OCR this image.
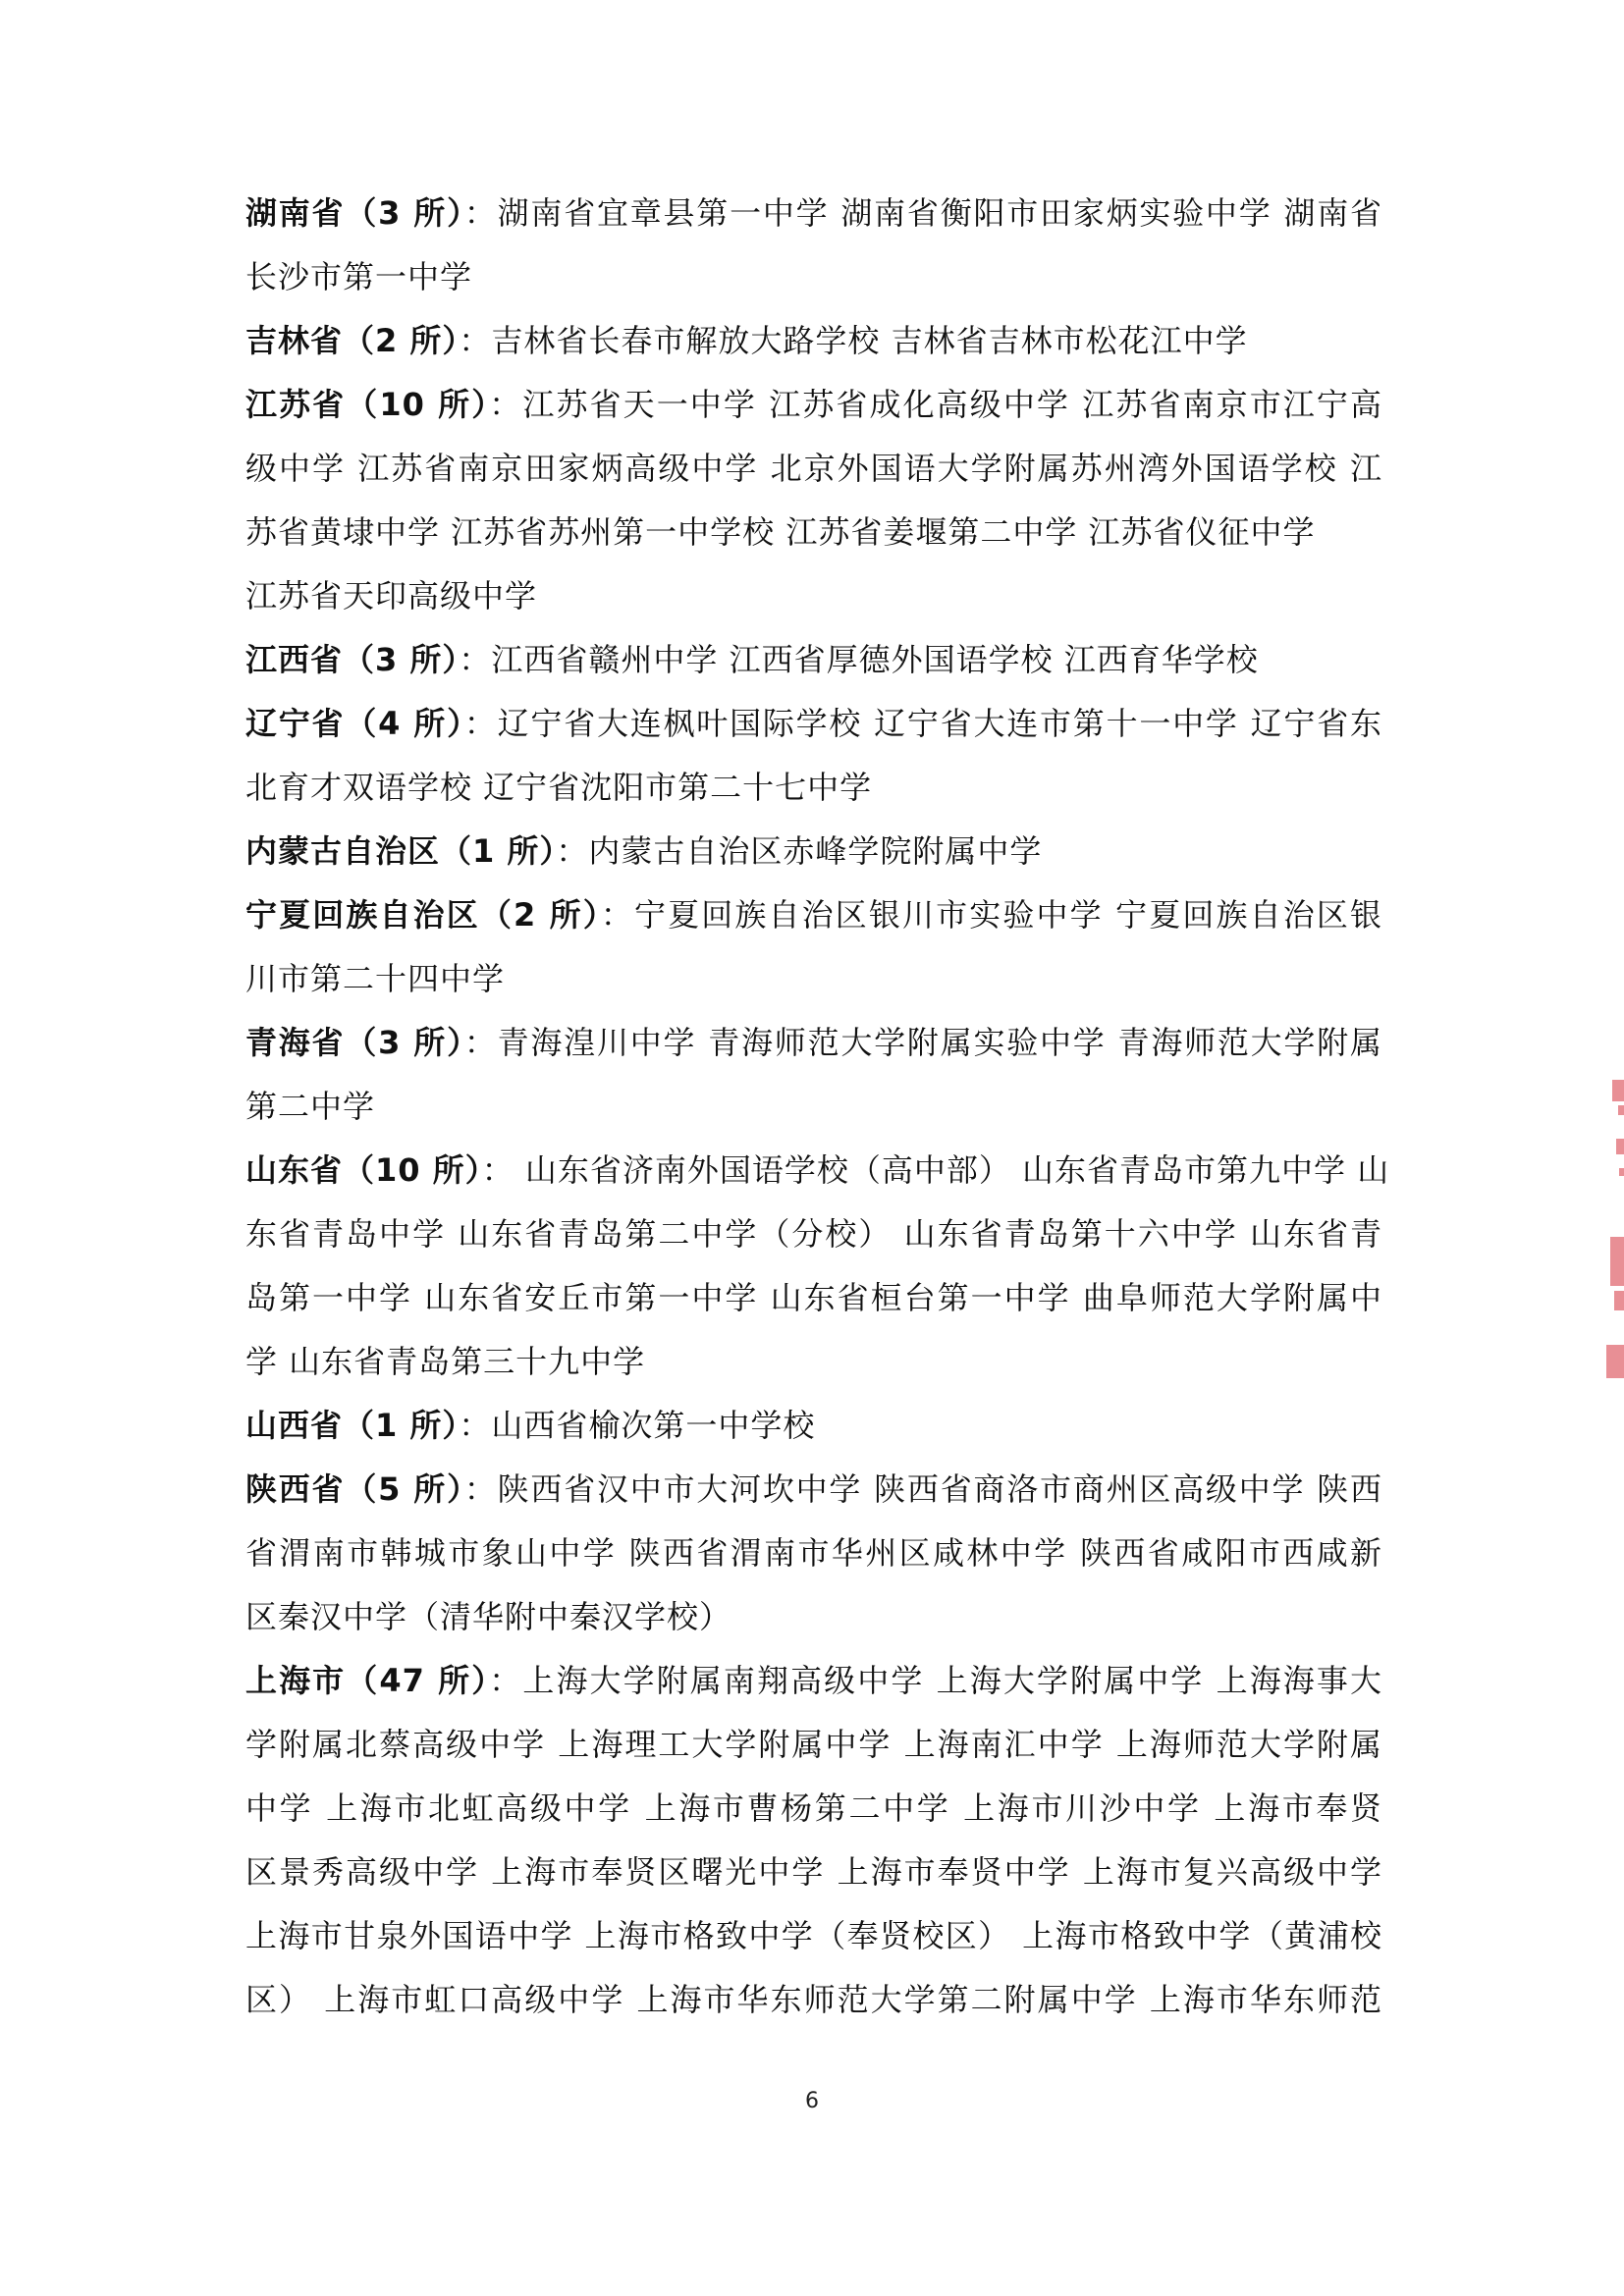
湖南省（3 所）：湖南省宜章县第一中学 湖南省衡阳市田家炳实验中学 湖南省
长沙市第一中学
吉林省（2 所）：吉林省长春市解放大路学校 吉林省吉林市松花江中学
江苏省（10 所）：江苏省天一中学 江苏省成化高级中学 江苏省南京市江宁高
级中学 江苏省南京田家炳高级中学 北京外国语大学附属苏州湾外国语学校 江
苏省黄埭中学 江苏省苏州第一中学校 江苏省姜堰第二中学 江苏省仪征中学
江苏省天印高级中学
江西省（3 所）：江西省赣州中学 江西省厚德外国语学校 江西育华学校
辽宁省（4 所）：辽宁省大连枫叶国际学校 辽宁省大连市第十一中学 辽宁省东
北育才双语学校 辽宁省沈阳市第二十七中学
内蒙古自治区（1 所）：内蒙古自治区赤峰学院附属中学
宁夏回族自治区（2 所）：宁夏回族自治区银川市实验中学 宁夏回族自治区银
川市第二十四中学
青海省（3 所）：青海湟川中学 青海师范大学附属实验中学 青海师范大学附属
第二中学
山东省（10 所）： 山东省济南外国语学校（高中部） 山东省青岛市第九中学 山
东省青岛中学 山东省青岛第二中学（分校） 山东省青岛第十六中学 山东省青
岛第一中学 山东省安丘市第一中学 山东省桓台第一中学 曲阜师范大学附属中
学 山东省青岛第三十九中学
山西省（1 所）：山西省榆次第一中学校
陕西省（5 所）：陕西省汉中市大河坎中学 陕西省商洛市商州区高级中学 陕西
省渭南市韩城市象山中学 陕西省渭南市华州区咸林中学 陕西省咸阳市西咸新
区秦汉中学（清华附中秦汉学校）
上海市（47 所）：上海大学附属南翔高级中学 上海大学附属中学 上海海事大
学附属北蔡高级中学 上海理工大学附属中学 上海南汇中学 上海师范大学附属
中学 上海市北虹高级中学 上海市曹杨第二中学 上海市川沙中学 上海市奉贤
区景秀高级中学 上海市奉贤区曙光中学 上海市奉贤中学 上海市复兴高级中学
上海市甘泉外国语中学 上海市格致中学（奉贤校区） 上海市格致中学（黄浦校
区） 上海市虹口高级中学 上海市华东师范大学第二附属中学 上海市华东师范
6
